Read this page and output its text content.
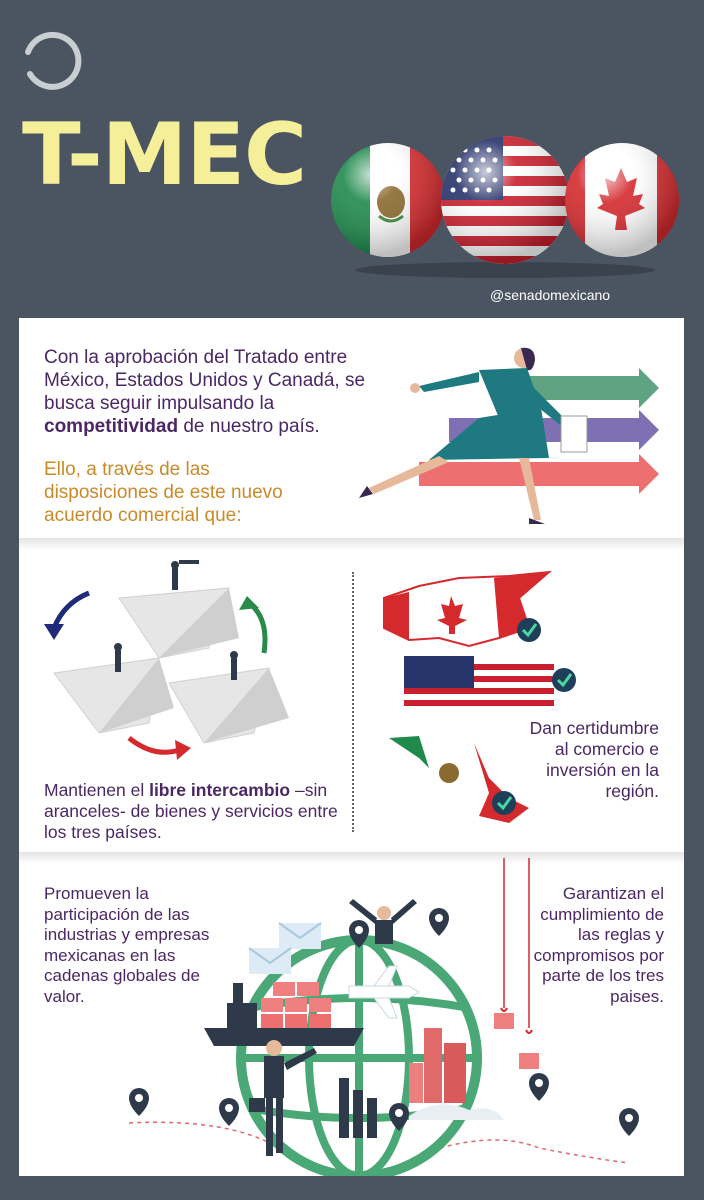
T-MEC
@senadomexicano

Con la aprobación del Tratado entre México, Estados Unidos y Canadá, se busca seguir impulsando la competitividad de nuestro país.

Ello, a través de las disposiciones de este nuevo acuerdo comercial que:

Mantienen el libre intercambio –sin aranceles- de bienes y servicios entre los tres países.

Dan certidumbre al comercio e inversión en la región.

Promueven la participación de las industrias y empresas mexicanas en las cadenas globales de valor.

Garantizan el cumplimiento de las reglas y compromisos por parte de los tres paises.
